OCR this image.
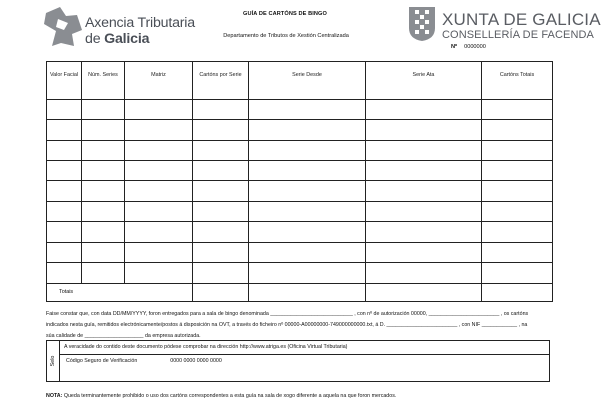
Axencia Tributaria
de Galicia
GUÍA DE CARTÓNS DE BINGO
Departamento de Tributos de Xestión Centralizada
XUNTA DE GALICIA
CONSELLERÍA DE FACENDA
Nº 0000000
Valor Facial	Núm. Series	Matriz	Cartóns por Serie	Serie Desde	Serie Ata	Cartóns Totais

Totais						

Faise constar que, con data DD/MM/YYYY, foron entregados para a sala de bingo denominada ____________________________ , con nº de autorización 00000, ________________________ , os cartóns

indicados nesta guía, remitidos electrónicamente/postos á disposición na OVT, a través do ficheiro nº 00000-A00000000-749000000000.txt, á D. ________________________ , con NIF ____________ , na

súa calidade de ____________________ da empresa autorizada.

Selo
A veracidade do contido deste documento pódese comprobar na dirección http://www.atriga.es (Oficina Virtual Tributaria)
Código Seguro de Verificación	0000 0000 0000 0000
NOTA: Queda terminantemente prohibido o uso dos cartóns correspondentes a esta guía na sala de xogo diferente a aquela na que foron mercados.
